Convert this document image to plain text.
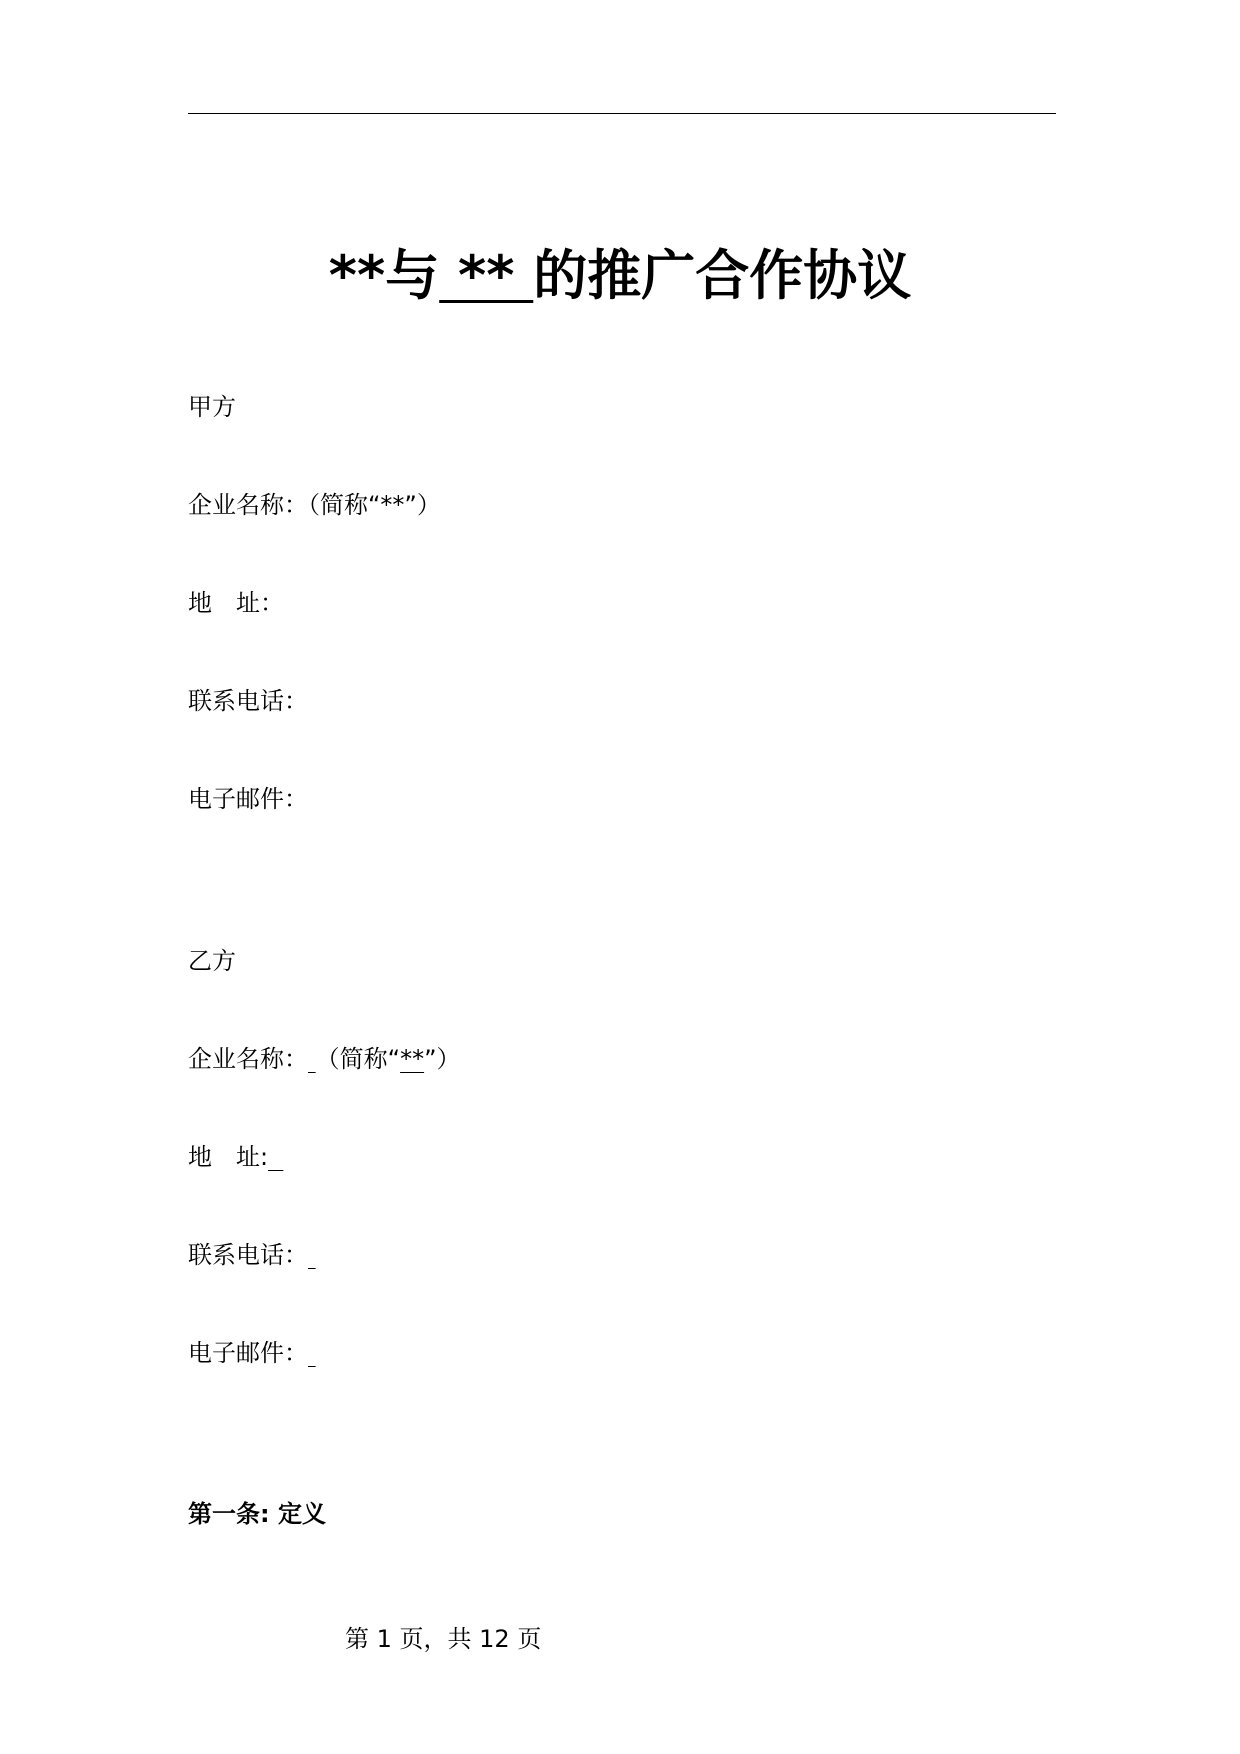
**与 ** 的推广合作协议
甲方
企业名称：（简称“**”）
地　址：
联系电话：
电子邮件：
乙方
企业名称： （简称“**”）
地　址:
联系电话：
电子邮件：
第一条: 定义
第 1 页，共 12 页
